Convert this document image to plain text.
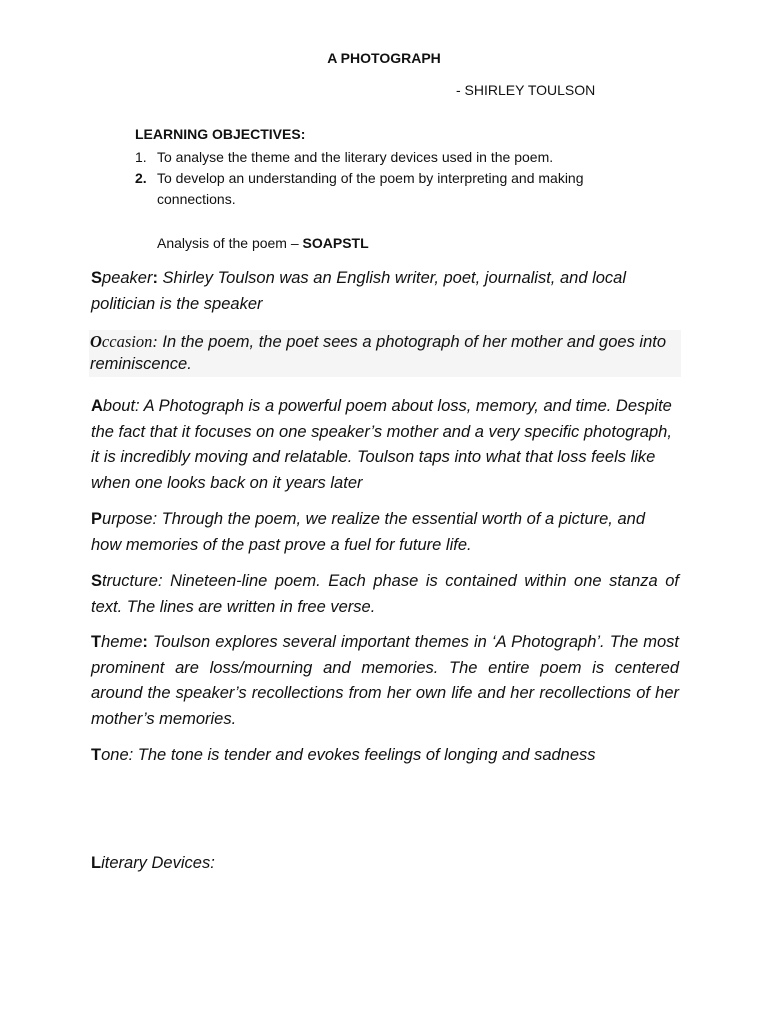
A PHOTOGRAPH
- SHIRLEY TOULSON
LEARNING OBJECTIVES:
1. To analyse the theme and the literary devices used in the poem.
2. To develop an understanding of the poem by interpreting and making connections.
Analysis of the poem – SOAPSTL
Speaker: Shirley Toulson was an English writer, poet, journalist, and local politician is the speaker
Occasion: In the poem, the poet sees a photograph of her mother and goes into reminiscence.
About: A Photograph is a powerful poem about loss, memory, and time. Despite the fact that it focuses on one speaker’s mother and a very specific photograph, it is incredibly moving and relatable. Toulson taps into what that loss feels like when one looks back on it years later
Purpose: Through the poem, we realize the essential worth of a picture, and how memories of the past prove a fuel for future life.
Structure: Nineteen-line poem. Each phase is contained within one stanza of text. The lines are written in free verse.
Theme: Toulson explores several important themes in ‘A Photograph’. The most prominent are loss/mourning and memories. The entire poem is centered around the speaker’s recollections from her own life and her recollections of her mother’s memories.
Tone: The tone is tender and evokes feelings of longing and sadness
Literary Devices:
